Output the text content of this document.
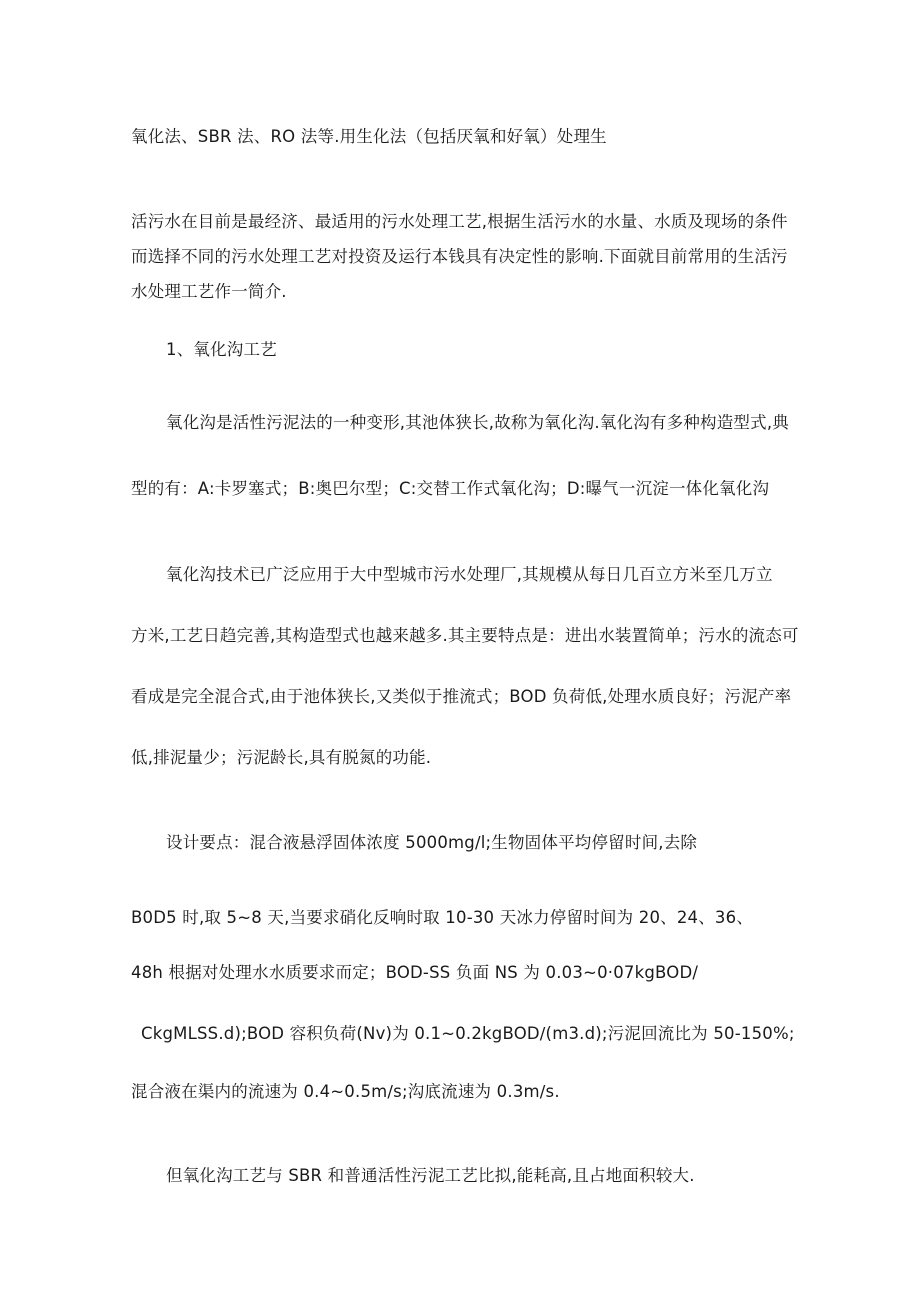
氧化法、SBR 法、RO 法等.用生化法（包括厌氧和好氧）处理生
活污水在目前是最经济、最适用的污水处理工艺,根据生活污水的水量、水质及现场的条件
而选择不同的污水处理工艺对投资及运行本钱具有决定性的影响.下面就目前常用的生活污
水处理工艺作一简介.
1、氧化沟工艺
氧化沟是活性污泥法的一种变形,其池体狭长,故称为氧化沟.氧化沟有多种构造型式,典
型的有：A:卡罗塞式；B:奥巴尔型；C:交替工作式氧化沟；D:曝气一沉淀一体化氧化沟
氧化沟技术已广泛应用于大中型城市污水处理厂,其规模从每日几百立方米至几万立
方米,工艺日趋完善,其构造型式也越来越多.其主要特点是：进出水装置简单；污水的流态可
看成是完全混合式,由于池体狭长,又类似于推流式；BOD 负荷低,处理水质良好；污泥产率
低,排泥量少；污泥龄长,具有脱氮的功能.
设计要点：混合液悬浮固体浓度 5000mg∕l;生物固体平均停留时间,去除
B0D5 时,取 5~8 天,当要求硝化反响时取 10-30 天冰力停留时间为 20、24、36、
48h 根据对处理水水质要求而定；BOD-SS 负面 NS 为 0.03~0·07kgBOD/
CkgMLSS.d);BOD 容积负荷(Nv)为 0.1~0.2kgBOD∕(m3.d);污泥回流比为 50-150%;
混合液在渠内的流速为 0.4~0.5m∕s;沟底流速为 0.3m∕s.
但氧化沟工艺与 SBR 和普通活性污泥工艺比拟,能耗高,且占地面积较大.
